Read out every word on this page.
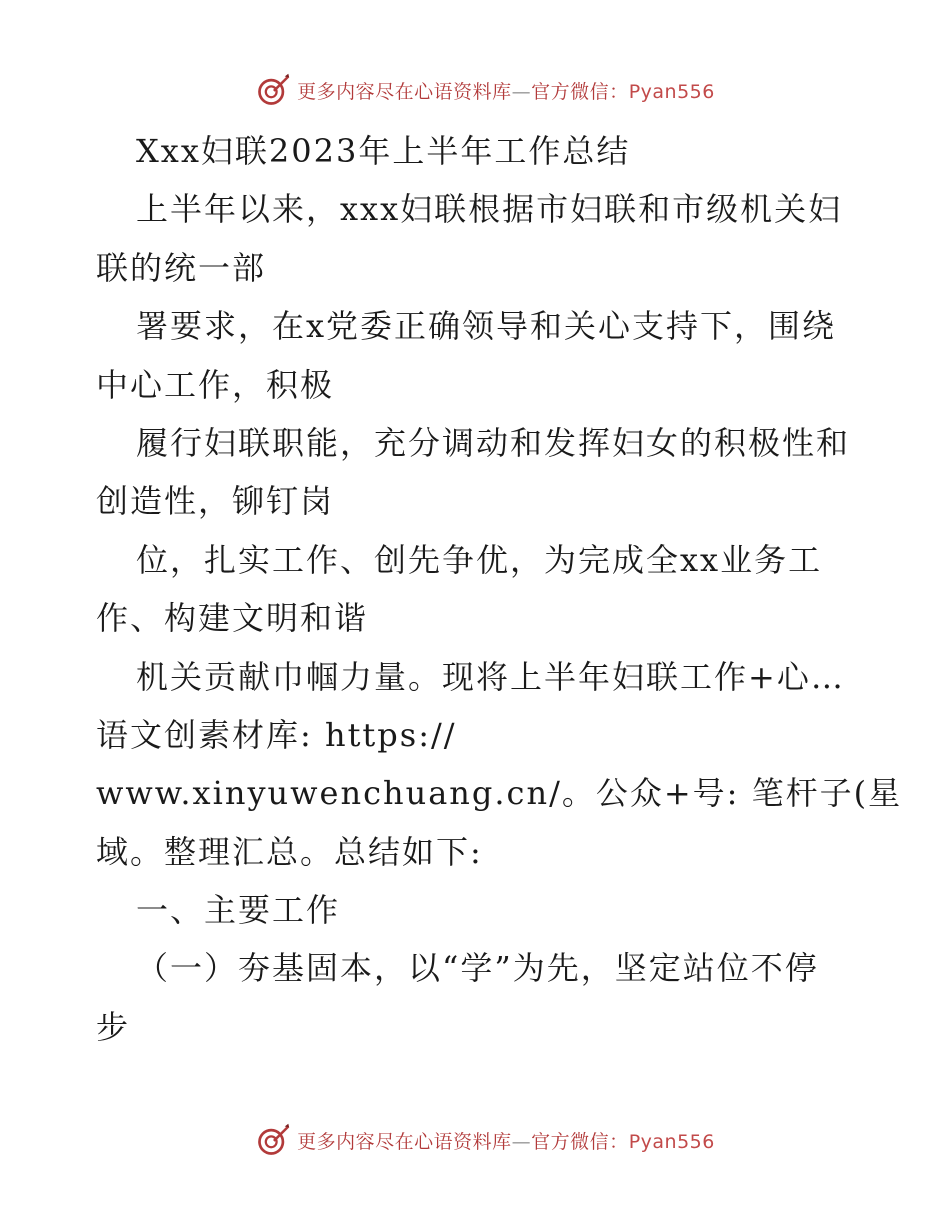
更多内容尽在心语资料库—官方微信：Pyan556
Xxx妇联2023年上半年工作总结
上半年以来，xxx妇联根据市妇联和市级机关妇
联的统一部
署要求，在x党委正确领导和关心支持下，围绕
中心工作，积极
履行妇联职能，充分调动和发挥妇女的积极性和
创造性，铆钉岗
位，扎实工作、创先争优，为完成全xx业务工
作、构建文明和谐
机关贡献巾帼力量。现将上半年妇联工作+心…
语文创素材库: https://
www.xinyuwenchuang.cn/。公众+号: 笔杆子(星
域。整理汇总。总结如下:
一、主要工作
（一）夯基固本，以“学”为先，坚定站位不停
步
更多内容尽在心语资料库—官方微信：Pyan556
